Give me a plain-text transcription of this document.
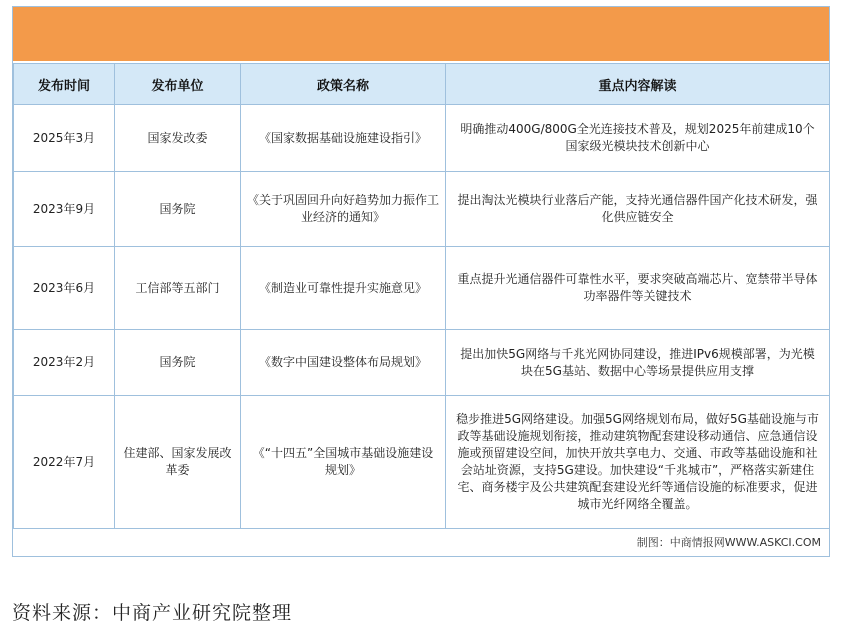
发布时间	发布单位	政策名称	重点内容解读
2025年3月	国家发改委	《国家数据基础设施建设指引》	明确推动400G/800G全光连接技术普及，规划2025年前建成10个国家级光模块技术创新中心
2023年9月	国务院	《关于巩固回升向好趋势加力振作工业经济的通知》	提出淘汰光模块行业落后产能，支持光通信器件国产化技术研发，强化供应链安全
2023年6月	工信部等五部门	《制造业可靠性提升实施意见》	重点提升光通信器件可靠性水平，要求突破高端芯片、宽禁带半导体功率器件等关键技术
2023年2月	国务院	《数字中国建设整体布局规划》	提出加快5G网络与千兆光网协同建设，推进IPv6规模部署，为光模块在5G基站、数据中心等场景提供应用支撑
2022年7月	住建部、国家发展改革委	《“十四五”全国城市基础设施建设规划》	稳步推进5G网络建设。加强5G网络规划布局，做好5G基础设施与市政等基础设施规划衔接，推动建筑物配套建设移动通信、应急通信设施或预留建设空间，加快开放共享电力、交通、市政等基础设施和社会站址资源，支持5G建设。加快建设“千兆城市”，严格落实新建住宅、商务楼宇及公共建筑配套建设光纤等通信设施的标准要求，促进城市光纤网络全覆盖。
制图：中商情报网WWW.ASKCI.COM
资料来源：中商产业研究院整理
